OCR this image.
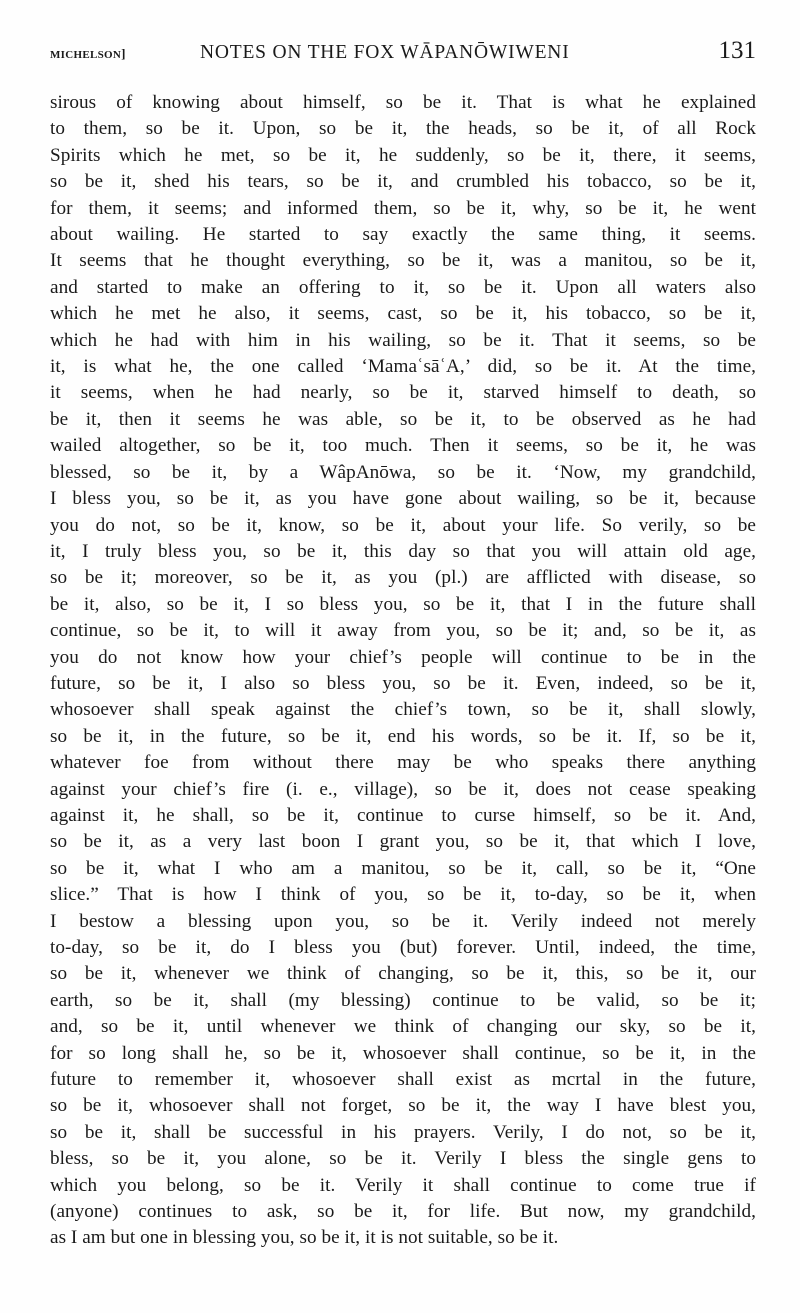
MICHELSON]	NOTES ON THE FOX WĀPANŌWIWENI	131

sirous of knowing about himself, so be it. That is what he explained
to them, so be it. Upon, so be it, the heads, so be it, of all Rock
Spirits which he met, so be it, he suddenly, so be it, there, it seems,
so be it, shed his tears, so be it, and crumbled his tobacco, so be it,
for them, it seems; and informed them, so be it, why, so be it, he went
about wailing. He started to say exactly the same thing, it seems.
It seems that he thought everything, so be it, was a manitou, so be it,
and started to make an offering to it, so be it. Upon all waters also
which he met he also, it seems, cast, so be it, his tobacco, so be it,
which he had with him in his wailing, so be it. That it seems, so be
it, is what he, the one called ‘MamaʿsāʿA,’ did, so be it. At the time,
it seems, when he had nearly, so be it, starved himself to death, so
be it, then it seems he was able, so be it, to be observed as he had
wailed altogether, so be it, too much. Then it seems, so be it, he was
blessed, so be it, by a WâpAnōwa, so be it. ‘Now, my grandchild,
I bless you, so be it, as you have gone about wailing, so be it, because
you do not, so be it, know, so be it, about your life. So verily, so be
it, I truly bless you, so be it, this day so that you will attain old age,
so be it; moreover, so be it, as you (pl.) are afflicted with disease, so
be it, also, so be it, I so bless you, so be it, that I in the future shall
continue, so be it, to will it away from you, so be it; and, so be it, as
you do not know how your chief’s people will continue to be in the
future, so be it, I also so bless you, so be it. Even, indeed, so be it,
whosoever shall speak against the chief’s town, so be it, shall slowly,
so be it, in the future, so be it, end his words, so be it. If, so be it,
whatever foe from without there may be who speaks there anything
against your chief’s fire (i. e., village), so be it, does not cease speaking
against it, he shall, so be it, continue to curse himself, so be it. And,
so be it, as a very last boon I grant you, so be it, that which I love,
so be it, what I who am a manitou, so be it, call, so be it, “One
slice.” That is how I think of you, so be it, to-day, so be it, when
I bestow a blessing upon you, so be it. Verily indeed not merely
to-day, so be it, do I bless you (but) forever. Until, indeed, the time,
so be it, whenever we think of changing, so be it, this, so be it, our
earth, so be it, shall (my blessing) continue to be valid, so be it;
and, so be it, until whenever we think of changing our sky, so be it,
for so long shall he, so be it, whosoever shall continue, so be it, in the
future to remember it, whosoever shall exist as mcrtal in the future,
so be it, whosoever shall not forget, so be it, the way I have blest you,
so be it, shall be successful in his prayers. Verily, I do not, so be it,
bless, so be it, you alone, so be it. Verily I bless the single gens to
which you belong, so be it. Verily it shall continue to come true if
(anyone) continues to ask, so be it, for life. But now, my grandchild,
as I am but one in blessing you, so be it, it is not suitable, so be it.
